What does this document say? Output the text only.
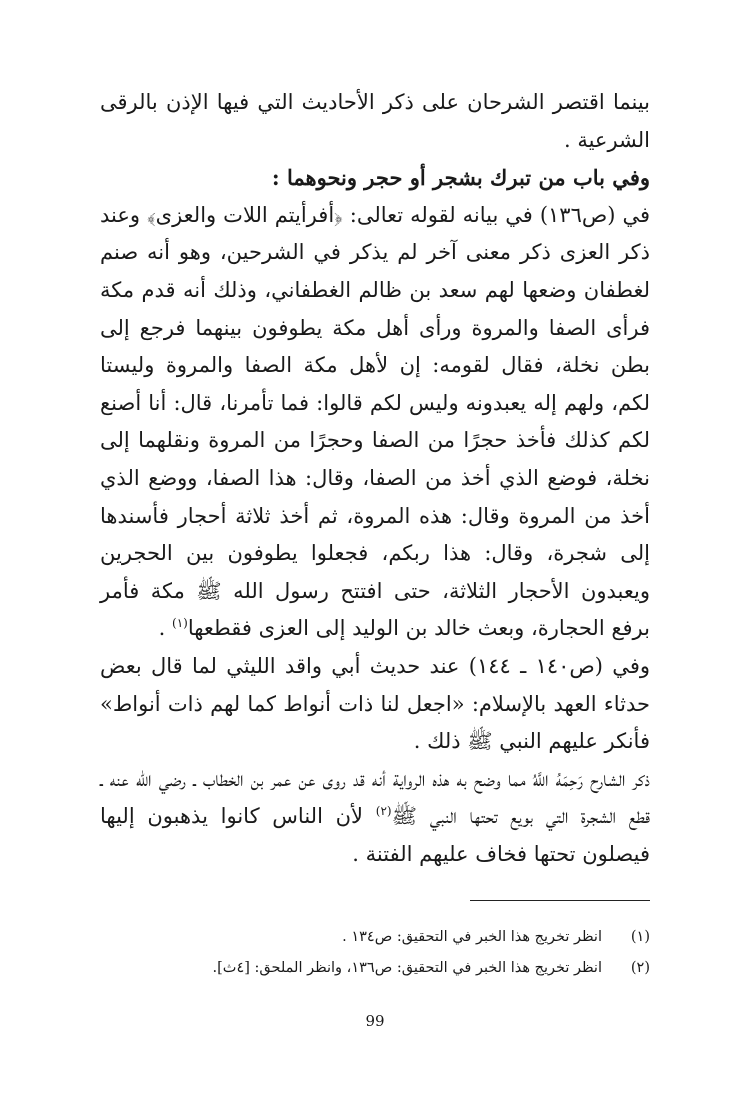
بينما اقتصر الشرحان على ذكر الأحاديث التي فيها الإذن بالرقى الشرعية .

وفي باب من تبرك بشجر أو حجر ونحوهما :

في (ص١٣٦) في بيانه لقوله تعالى: ﴿أفرأيتم اللات والعزى﴾ وعند ذكر العزى ذكر معنى آخر لم يذكر في الشرحين، وهو أنه صنم لغطفان وضعها لهم سعد بن ظالم الغطفاني، وذلك أنه قدم مكة فرأى الصفا والمروة ورأى أهل مكة يطوفون بينهما فرجع إلى بطن نخلة، فقال لقومه: إن لأهل مكة الصفا والمروة وليستا لكم، ولهم إله يعبدونه وليس لكم قالوا: فما تأمرنا، قال: أنا أصنع لكم كذلك فأخذ حجرًا من الصفا وحجرًا من المروة ونقلهما إلى نخلة، فوضع الذي أخذ من الصفا، وقال: هذا الصفا، ووضع الذي أخذ من المروة وقال: هذه المروة، ثم أخذ ثلاثة أحجار فأسندها إلى شجرة، وقال: هذا ربكم، فجعلوا يطوفون بين الحجرين ويعبدون الأحجار الثلاثة، حتى افتتح رسول الله ﷺ مكة فأمر برفع الحجارة، وبعث خالد بن الوليد إلى العزى فقطعها$^{(١)}$ .

وفي (ص١٤٠ ـ ١٤٤) عند حديث أبي واقد الليثي لما قال بعض حدثاء العهد بالإسلام: «اجعل لنا ذات أنواط كما لهم ذات أنواط» فأنكر عليهم النبي ﷺ ذلك .

ذكر الشارح رَحِمَهُ اللَّهُ مما وضح به هذه الرواية أنه قد روى عن عمر بن الخطاب ـ رضي الله عنه ـ قطع الشجرة التي بويع تحتها النبي ﷺ$^{(٢)}$ لأن الناس كانوا يذهبون إليها فيصلون تحتها فخاف عليهم الفتنة .

(١)
انظر تخريج هذا الخبر في التحقيق: ص١٣٤ .
(٢)
انظر تخريج هذا الخبر في التحقيق: ص١٣٦، وانظر الملحق: [٤ث].
99
